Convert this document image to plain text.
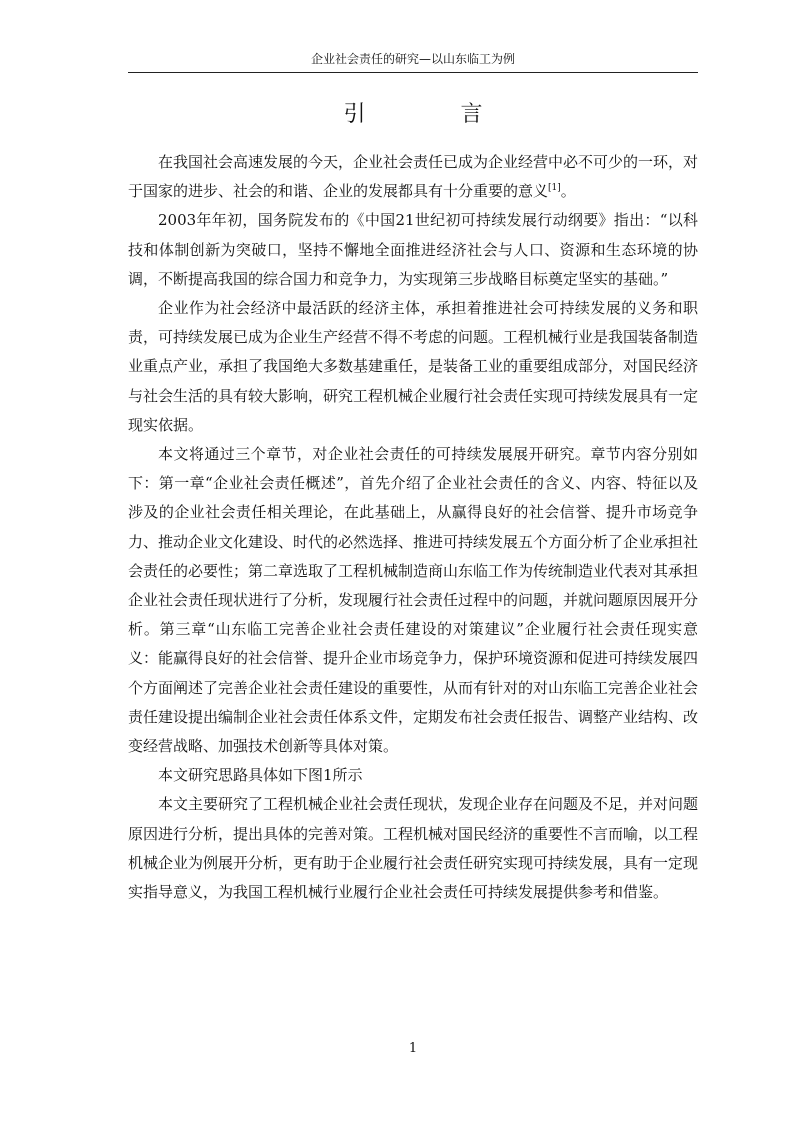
企业社会责任的研究—以山东临工为例
引 言

在我国社会高速发展的今天，企业社会责任已成为企业经营中必不可少的一环，对于国家的进步、社会的和谐、企业的发展都具有十分重要的意义[1]。

2003年年初，国务院发布的《中国21世纪初可持续发展行动纲要》指出：“以科技和体制创新为突破口，坚持不懈地全面推进经济社会与人口、资源和生态环境的协调，不断提高我国的综合国力和竞争力，为实现第三步战略目标奠定坚实的基础。”

企业作为社会经济中最活跃的经济主体，承担着推进社会可持续发展的义务和职责，可持续发展已成为企业生产经营不得不考虑的问题。工程机械行业是我国装备制造业重点产业，承担了我国绝大多数基建重任，是装备工业的重要组成部分，对国民经济与社会生活的具有较大影响，研究工程机械企业履行社会责任实现可持续发展具有一定现实依据。

本文将通过三个章节，对企业社会责任的可持续发展展开研究。章节内容分别如下：第一章“企业社会责任概述”，首先介绍了企业社会责任的含义、内容、特征以及涉及的企业社会责任相关理论，在此基础上，从赢得良好的社会信誉、提升市场竞争力、推动企业文化建设、时代的必然选择、推进可持续发展五个方面分析了企业承担社会责任的必要性；第二章选取了工程机械制造商山东临工作为传统制造业代表对其承担企业社会责任现状进行了分析，发现履行社会责任过程中的问题，并就问题原因展开分析。第三章“山东临工完善企业社会责任建设的对策建议”企业履行社会责任现实意义：能赢得良好的社会信誉、提升企业市场竞争力，保护环境资源和促进可持续发展四个方面阐述了完善企业社会责任建设的重要性，从而有针对的对山东临工完善企业社会责任建设提出编制企业社会责任体系文件，定期发布社会责任报告、调整产业结构、改变经营战略、加强技术创新等具体对策。

本文研究思路具体如下图1所示

本文主要研究了工程机械企业社会责任现状，发现企业存在问题及不足，并对问题原因进行分析，提出具体的完善对策。工程机械对国民经济的重要性不言而喻，以工程机械企业为例展开分析，更有助于企业履行社会责任研究实现可持续发展，具有一定现实指导意义，为我国工程机械行业履行企业社会责任可持续发展提供参考和借鉴。

1
